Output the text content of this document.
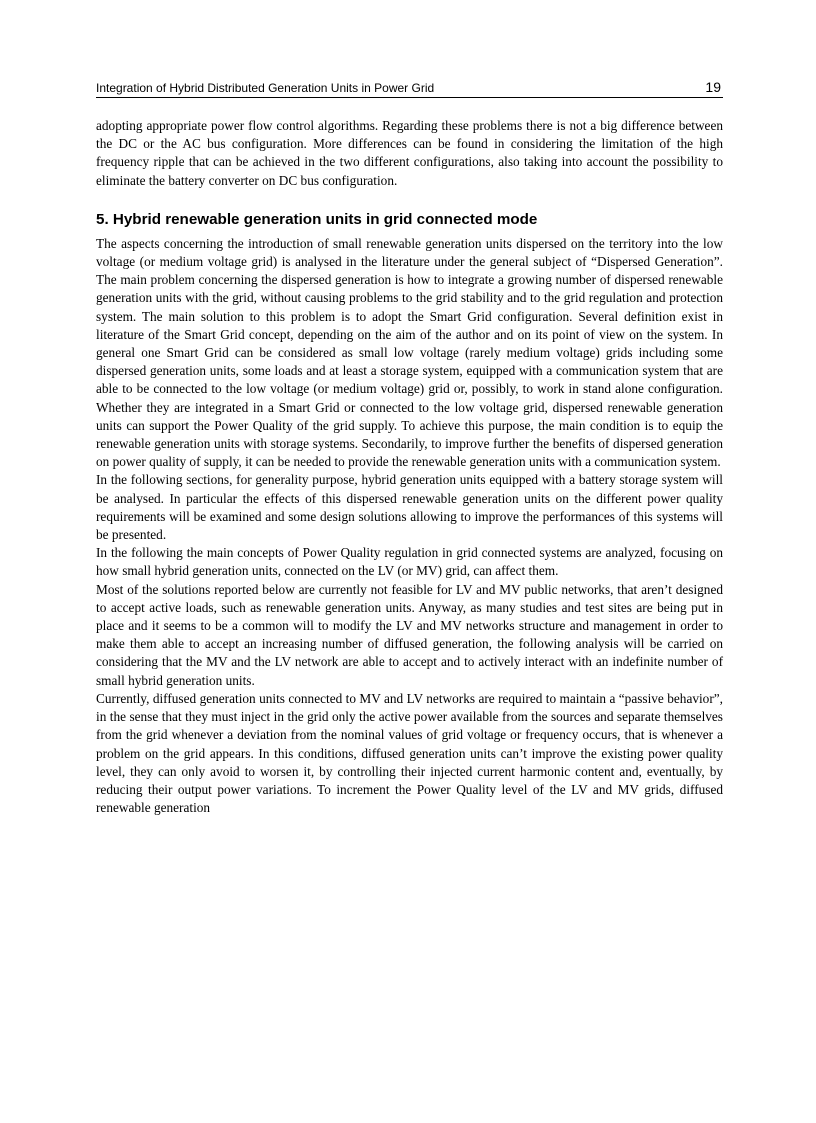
Integration of Hybrid Distributed Generation Units in Power Grid	19

adopting appropriate power flow control algorithms. Regarding these problems there is not a big difference between the DC or the AC bus configuration. More differences can be found in considering the limitation of the high frequency ripple that can be achieved in the two different configurations, also taking into account the possibility to eliminate the battery converter on DC bus configuration.

5. Hybrid renewable generation units in grid connected mode

The aspects concerning the introduction of small renewable generation units dispersed on the territory into the low voltage (or medium voltage grid) is analysed in the literature under the general subject of “Dispersed Generation”. The main problem concerning the dispersed generation is how to integrate a growing number of dispersed renewable generation units with the grid, without causing problems to the grid stability and to the grid regulation and protection system. The main solution to this problem is to adopt the Smart Grid configuration. Several definition exist in literature of the Smart Grid concept, depending on the aim of the author and on its point of view on the system. In general one Smart Grid can be considered as small low voltage (rarely medium voltage) grids including some dispersed generation units, some loads and at least a storage system, equipped with a communication system that are able to be connected to the low voltage (or medium voltage) grid or, possibly, to work in stand alone configuration. Whether they are integrated in a Smart Grid or connected to the low voltage grid, dispersed renewable generation units can support the Power Quality of the grid supply. To achieve this purpose, the main condition is to equip the renewable generation units with storage systems. Secondarily, to improve further the benefits of dispersed generation on power quality of supply, it can be needed to provide the renewable generation units with a communication system.

In the following sections, for generality purpose, hybrid generation units equipped with a battery storage system will be analysed. In particular the effects of this dispersed renewable generation units on the different power quality requirements will be examined and some design solutions allowing to improve the performances of this systems will be presented.

In the following the main concepts of Power Quality regulation in grid connected systems are analyzed, focusing on how small hybrid generation units, connected on the LV (or MV) grid, can affect them.

Most of the solutions reported below are currently not feasible for LV and MV public networks, that aren’t designed to accept active loads, such as renewable generation units. Anyway, as many studies and test sites are being put in place and it seems to be a common will to modify the LV and MV networks structure and management in order to make them able to accept an increasing number of diffused generation, the following analysis will be carried on considering that the MV and the LV network are able to accept and to actively interact with an indefinite number of small hybrid generation units.

Currently, diffused generation units connected to MV and LV networks are required to maintain a “passive behavior”, in the sense that they must inject in the grid only the active power available from the sources and separate themselves from the grid whenever a deviation from the nominal values of grid voltage or frequency occurs, that is whenever a problem on the grid appears. In this conditions, diffused generation units can’t improve the existing power quality level, they can only avoid to worsen it, by controlling their injected current harmonic content and, eventually, by reducing their output power variations. To increment the Power Quality level of the LV and MV grids, diffused renewable generation
